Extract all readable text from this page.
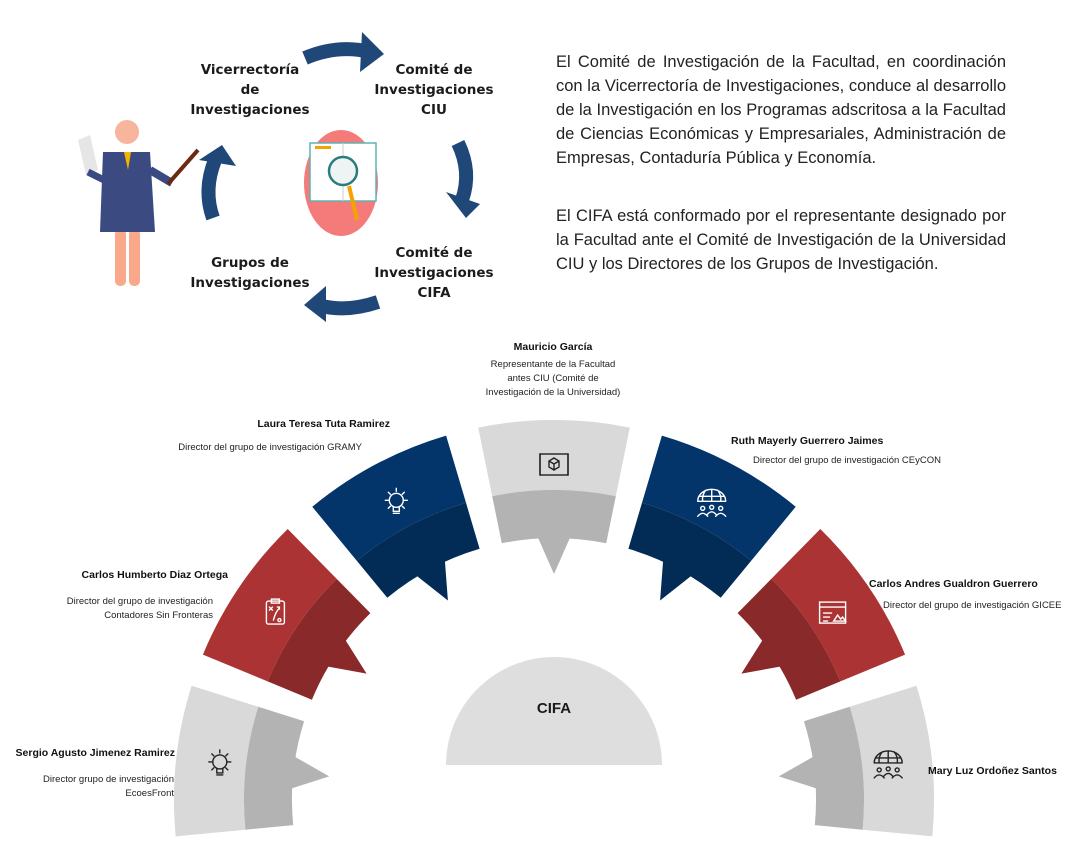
Vicerrectoría
de
Investigaciones
Comité de
Investigaciones
CIU
Comité de
Investigaciones
CIFA
Grupos de
Investigaciones

El Comité de Investigación de la Facultad, en coordinación con la Vicerrectoría de Investigaciones, conduce al desarrollo de la Investigación en los Programas adscritosa a la Facultad de Ciencias Económicas y Empresariales, Administración de Empresas, Contaduría Pública y Economía.

El CIFA está conformado por el representante designado por la Facultad ante el Comité de Investigación de la Universidad CIU y los Directores de los Grupos de Investigación.

CIFA
Sergio Agusto Jimenez Ramirez
Director grupo de investigación
EcoesFront
Carlos Humberto Diaz Ortega
Director del grupo de investigación
Contadores Sin Fronteras
Laura Teresa Tuta Ramirez
Director del grupo de investigación GRAMY
Mauricio García
Representante de la Facultad
antes CIU (Comité de
Investigación de la Universidad)
Ruth Mayerly Guerrero Jaimes
Director del grupo de investigación CEyCON
Carlos Andres Gualdron Guerrero
Director del grupo de investigación GICEE
Mary Luz Ordoñez Santos
